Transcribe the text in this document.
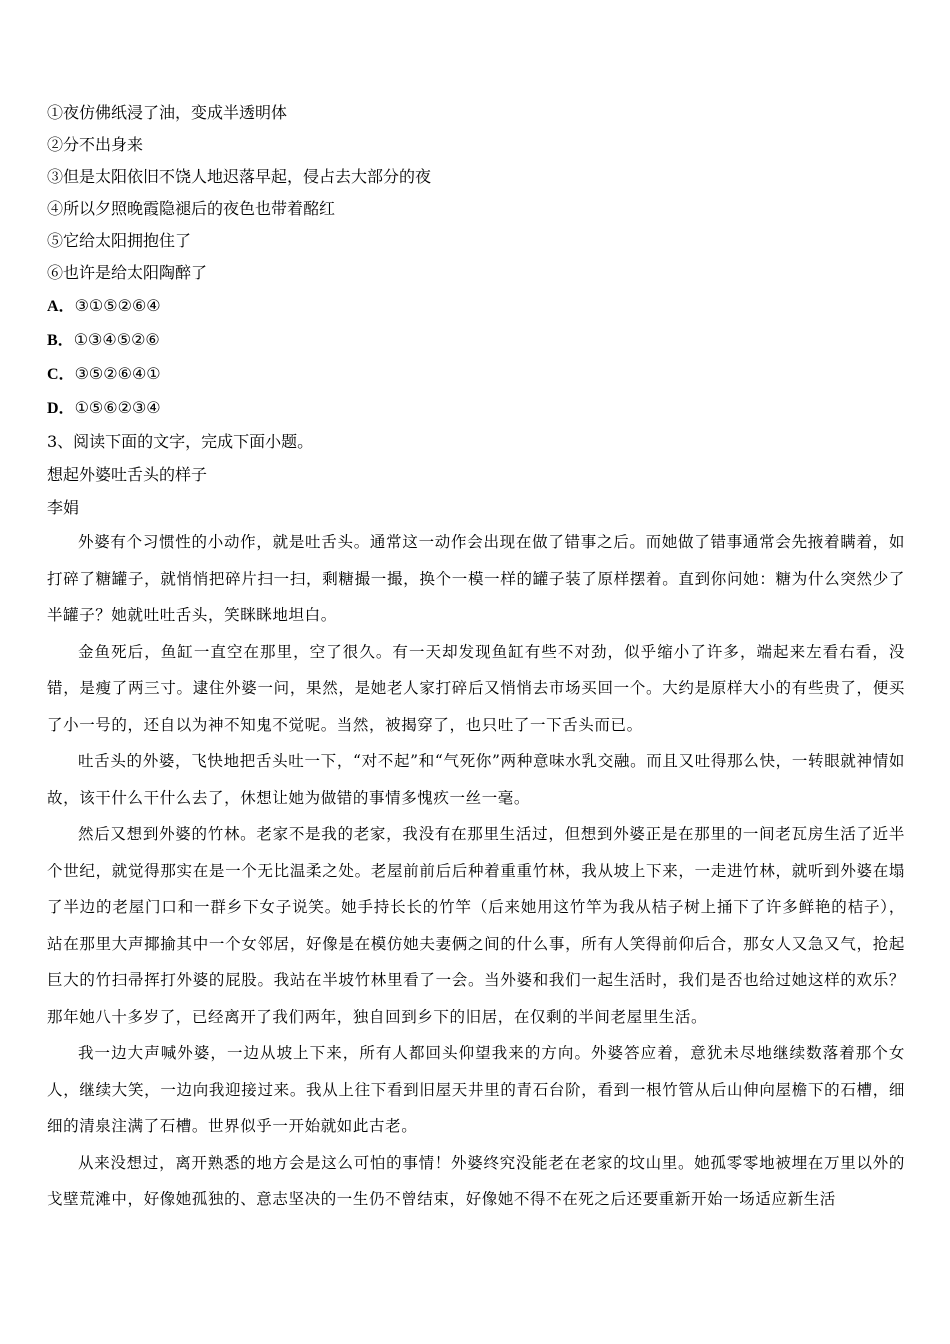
①夜仿佛纸浸了油，变成半透明体
②分不出身来
③但是太阳依旧不饶人地迟落早起，侵占去大部分的夜
④所以夕照晚霞隐褪后的夜色也带着酩红
⑤它给太阳拥抱住了
⑥也许是给太阳陶醉了
A．③①⑤②⑥④
B．①③④⑤②⑥
C．③⑤②⑥④①
D．①⑤⑥②③④
3、阅读下面的文字，完成下面小题。
想起外婆吐舌头的样子
李娟

外婆有个习惯性的小动作，就是吐舌头。通常这一动作会出现在做了错事之后。而她做了错事通常会先掖着瞒着，如打碎了糖罐子，就悄悄把碎片扫一扫，剩糖撮一撮，换个一模一样的罐子装了原样摆着。直到你问她：糖为什么突然少了半罐子？她就吐吐舌头，笑眯眯地坦白。

金鱼死后，鱼缸一直空在那里，空了很久。有一天却发现鱼缸有些不对劲，似乎缩小了许多，端起来左看右看，没错，是瘦了两三寸。逮住外婆一问，果然，是她老人家打碎后又悄悄去市场买回一个。大约是原样大小的有些贵了，便买了小一号的，还自以为神不知鬼不觉呢。当然，被揭穿了，也只吐了一下舌头而已。

吐舌头的外婆，飞快地把舌头吐一下，“对不起”和“气死你”两种意味水乳交融。而且又吐得那么快，一转眼就神情如故，该干什么干什么去了，休想让她为做错的事情多愧疚一丝一毫。

然后又想到外婆的竹林。老家不是我的老家，我没有在那里生活过，但想到外婆正是在那里的一间老瓦房生活了近半个世纪，就觉得那实在是一个无比温柔之处。老屋前前后后种着重重竹林，我从坡上下来，一走进竹林，就听到外婆在塌了半边的老屋门口和一群乡下女子说笑。她手持长长的竹竿（后来她用这竹竿为我从桔子树上捅下了许多鲜艳的桔子），站在那里大声揶揄其中一个女邻居，好像是在模仿她夫妻俩之间的什么事，所有人笑得前仰后合，那女人又急又气，抢起巨大的竹扫帚挥打外婆的屁股。我站在半坡竹林里看了一会。当外婆和我们一起生活时，我们是否也给过她这样的欢乐？那年她八十多岁了，已经离开了我们两年，独自回到乡下的旧居，在仅剩的半间老屋里生活。

我一边大声喊外婆，一边从坡上下来，所有人都回头仰望我来的方向。外婆答应着，意犹未尽地继续数落着那个女人，继续大笑，一边向我迎接过来。我从上往下看到旧屋天井里的青石台阶，看到一根竹管从后山伸向屋檐下的石槽，细细的清泉注满了石槽。世界似乎一开始就如此古老。

从来没想过，离开熟悉的地方会是这么可怕的事情！外婆终究没能老在老家的坟山里。她孤零零地被埋在万里以外的戈壁荒滩中，好像她孤独的、意志坚决的一生仍不曾结束，好像她不得不在死之后还要重新开始一场适应新生活
